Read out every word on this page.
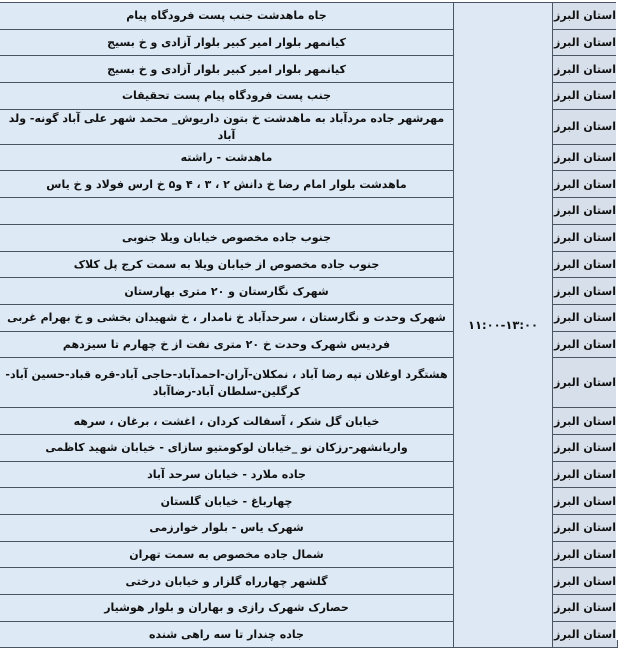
استان البرز	۱۱:۰۰-۱۳:۰۰	جاه ماهدشت جنب پست فرودگاه پیام
استان البرز		کیانمهر بلوار امیر کبیر بلوار آزادی و خ بسیج
استان البرز		کیانمهر بلوار امیر کبیر بلوار آزادی و خ بسیج
استان البرز		جنب پست فرودگاه پیام پست تحقیقات
استان البرز		مهرشهر جاده مردآباد به ماهدشت خ بتون داریوش_ محمد شهر علی آباد گونه- ولد آباد
استان البرز		ماهدشت - راشته
استان البرز		ماهدشت بلوار امام رضا خ دانش ۲ ، ۳ ، ۴ و۵ خ ارس فولاد و خ یاس
استان البرز		
استان البرز		جنوب جاده مخصوص خیابان ویلا جنوبی
استان البرز		جنوب جاده مخصوص از خیابان ویلا به سمت کرج پل کلاک
استان البرز		شهرک نگارستان و ۲۰ متری بهارستان
استان البرز		شهرک وحدت و نگارستان ، سرحدآباد خ نامدار ، خ شهیدان بخشی و خ بهرام غربی
استان البرز		فردیس شهرک وحدت خ ۲۰ متری نفت از خ چهارم تا سیزدهم
استان البرز		هشتگرد اوغلان تپه رضا آباد ، نمکلان-آران-احمدآباد-حاجی آباد-قره قباد-حسین آباد-کرگلین-سلطان آباد-رضاآباد
استان البرز		خیابان گل شکر ، آسفالت کردان ، اغشت ، برغان ، سرهه
استان البرز		واریانشهر-رزکان نو _خیابان لوکومتیو سازای - خیابان شهید کاظمی
استان البرز		جاده ملارد - خیابان سرحد آباد
استان البرز		چهارباغ - خیابان گلستان
استان البرز		شهرک یاس - بلوار خوارزمی
استان البرز		شمال جاده مخصوص به سمت تهران
استان البرز		گلشهر چهارراه گلزار و خیابان درختی
استان البرز		حصارک شهرک رازی و بهاران و بلوار هوشیار
استان البرز		جاده چندار تا سه راهی شنده
